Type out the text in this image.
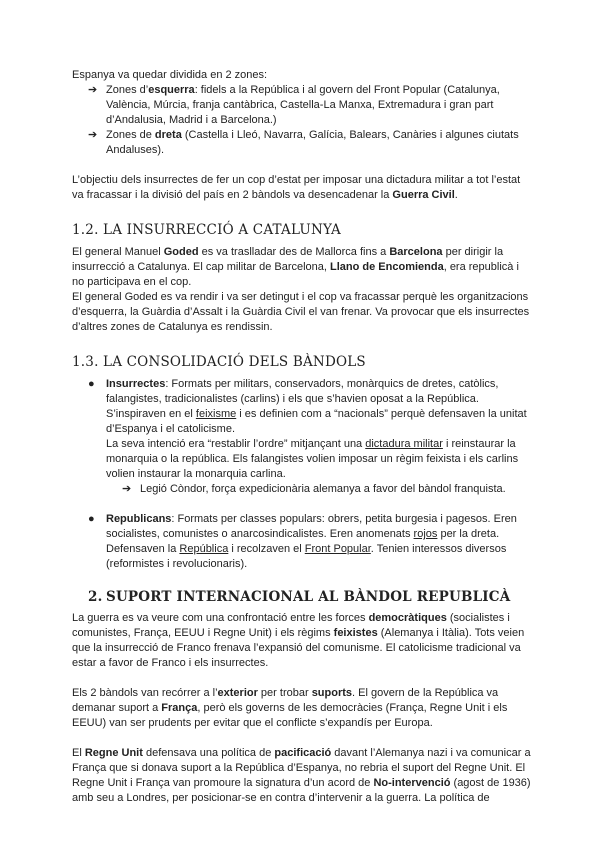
Espanya va quedar dividida en 2 zones:

➔ Zones d’esquerra: fidels a la República i al govern del Front Popular (Catalunya, València, Múrcia, franja cantàbrica, Castella-La Manxa, Extremadura i gran part d’Andalusia, Madrid i a Barcelona.)
➔ Zones de dreta (Castella i Lleó, Navarra, Galícia, Balears, Canàries i algunes ciutats Andaluses).

L’objectiu dels insurrectes de fer un cop d’estat per imposar una dictadura militar a tot l’estat va fracassar i la divisió del país en 2 bàndols va desencadenar la Guerra Civil.

1.2. LA INSURRECCIÓ A CATALUNYA

El general Manuel Goded es va traslladar des de Mallorca fins a Barcelona per dirigir la insurrecció a Catalunya. El cap militar de Barcelona, Llano de Encomienda, era republicà i no participava en el cop.

El general Goded es va rendir i va ser detingut i el cop va fracassar perquè les organitzacions d’esquerra, la Guàrdia d’Assalt i la Guàrdia Civil el van frenar. Va provocar que els insurrectes d’altres zones de Catalunya es rendissin.

1.3. LA CONSOLIDACIÓ DELS BÀNDOLS
● Insurrectes: Formats per militars, conservadors, monàrquics de dretes, catòlics, falangistes, tradicionalistes (carlins) i els que s’havien oposat a la República. S’inspiraven en el feixisme i es definien com a “nacionals” perquè defensaven la unitat d’Espanya i el catolicisme.
La seva intenció era “restablir l’ordre” mitjançant una dictadura militar i reinstaurar la monarquia o la república. Els falangistes volien imposar un règim feixista i els carlins volien instaurar la monarquia carlina.
➔ Legió Còndor, força expedicionària alemanya a favor del bàndol franquista.
● Republicans: Formats per classes populars: obrers, petita burgesia i pagesos. Eren socialistes, comunistes o anarcosindicalistes. Eren anomenats rojos per la dreta. Defensaven la República i recolzaven el Front Popular. Tenien interessos diversos (reformistes i revolucionaris).
2. SUPORT INTERNACIONAL AL BÀNDOL REPUBLICÀ

La guerra es va veure com una confrontació entre les forces democràtiques (socialistes i comunistes, França, EEUU i Regne Unit) i els règims feixistes (Alemanya i Itàlia). Tots veien que la insurrecció de Franco frenava l’expansió del comunisme. El catolicisme tradicional va estar a favor de Franco i els insurrectes.

Els 2 bàndols van recórrer a l’exterior per trobar suports. El govern de la República va demanar suport a França, però els governs de les democràcies (França, Regne Unit i els EEUU) van ser prudents per evitar que el conflicte s’expandís per Europa.

El Regne Unit defensava una política de pacificació davant l’Alemanya nazi i va comunicar a França que si donava suport a la República d’Espanya, no rebria el suport del Regne Unit. El Regne Unit i França van promoure la signatura d’un acord de No-intervenció (agost de 1936) amb seu a Londres, per posicionar-se en contra d’intervenir a la guerra. La política de
